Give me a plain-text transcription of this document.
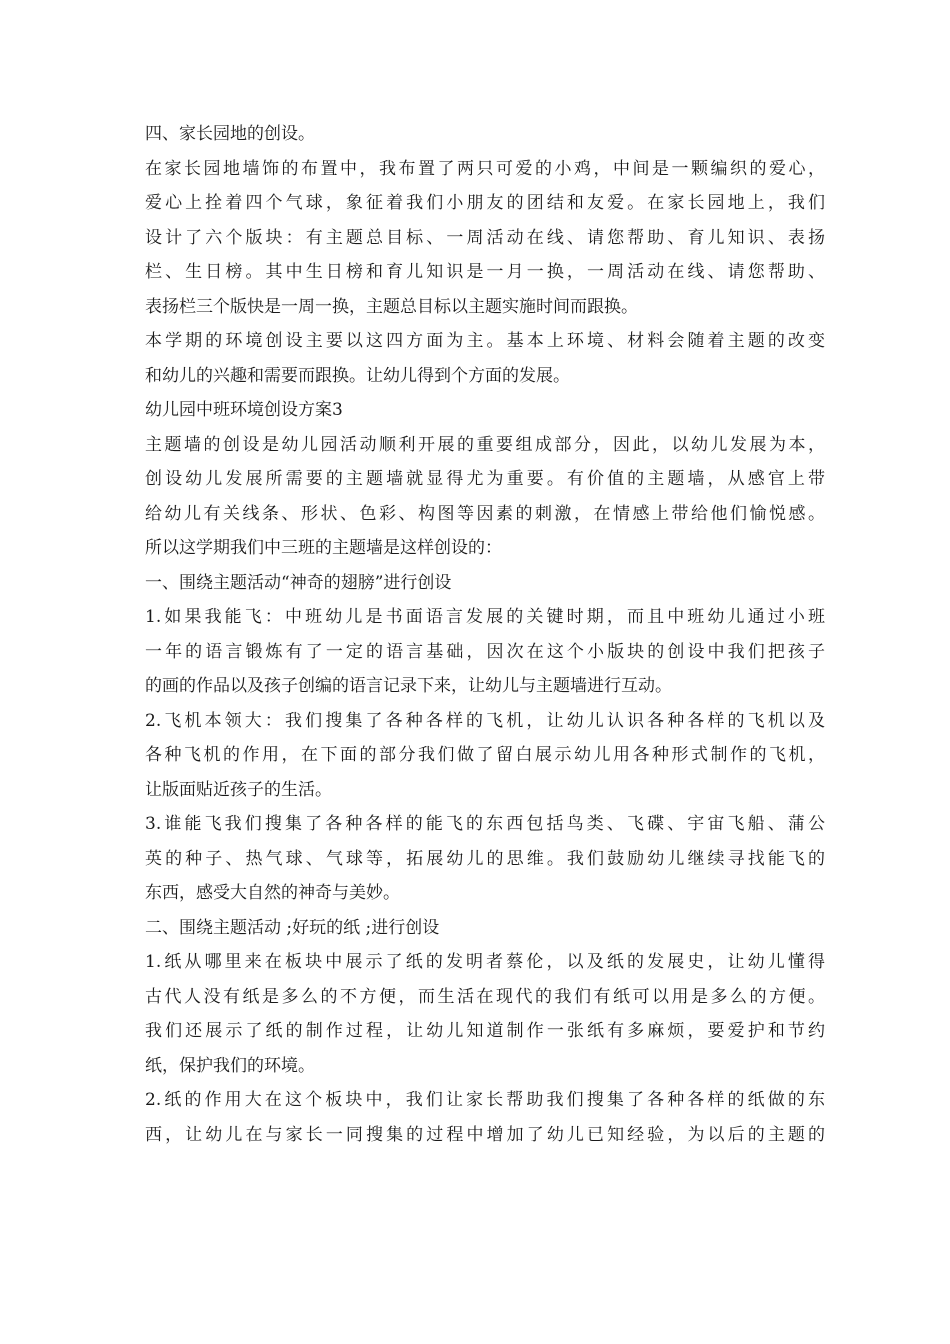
四、家长园地的创设。
在家长园地墙饰的布置中，我布置了两只可爱的小鸡，中间是一颗编织的爱心，
爱心上拴着四个气球，象征着我们小朋友的团结和友爱。在家长园地上，我们
设计了六个版块：有主题总目标、一周活动在线、请您帮助、育儿知识、表扬
栏、生日榜。其中生日榜和育儿知识是一月一换，一周活动在线、请您帮助、
表扬栏三个版快是一周一换，主题总目标以主题实施时间而跟换。
本学期的环境创设主要以这四方面为主。基本上环境、材料会随着主题的改变
和幼儿的兴趣和需要而跟换。让幼儿得到个方面的发展。
幼儿园中班环境创设方案3
主题墙的创设是幼儿园活动顺利开展的重要组成部分，因此，以幼儿发展为本，
创设幼儿发展所需要的主题墙就显得尤为重要。有价值的主题墙，从感官上带
给幼儿有关线条、形状、色彩、构图等因素的刺激，在情感上带给他们愉悦感。
所以这学期我们中三班的主题墙是这样创设的：
一、围绕主题活动“神奇的翅膀”进行创设
1.如果我能飞：中班幼儿是书面语言发展的关键时期，而且中班幼儿通过小班
一年的语言锻炼有了一定的语言基础，因次在这个小版块的创设中我们把孩子
的画的作品以及孩子创编的语言记录下来，让幼儿与主题墙进行互动。
2.飞机本领大：我们搜集了各种各样的飞机，让幼儿认识各种各样的飞机以及
各种飞机的作用，在下面的部分我们做了留白展示幼儿用各种形式制作的飞机，
让版面贴近孩子的生活。
3.谁能飞我们搜集了各种各样的能飞的东西包括鸟类、飞碟、宇宙飞船、蒲公
英的种子、热气球、气球等，拓展幼儿的思维。我们鼓励幼儿继续寻找能飞的
东西，感受大自然的神奇与美妙。
二、围绕主题活动 ;好玩的纸 ;进行创设
1.纸从哪里来在板块中展示了纸的发明者蔡伦，以及纸的发展史，让幼儿懂得
古代人没有纸是多么的不方便，而生活在现代的我们有纸可以用是多么的方便。
我们还展示了纸的制作过程，让幼儿知道制作一张纸有多麻烦，要爱护和节约
纸，保护我们的环境。
2.纸的作用大在这个板块中，我们让家长帮助我们搜集了各种各样的纸做的东
西，让幼儿在与家长一同搜集的过程中增加了幼儿已知经验，为以后的主题的
